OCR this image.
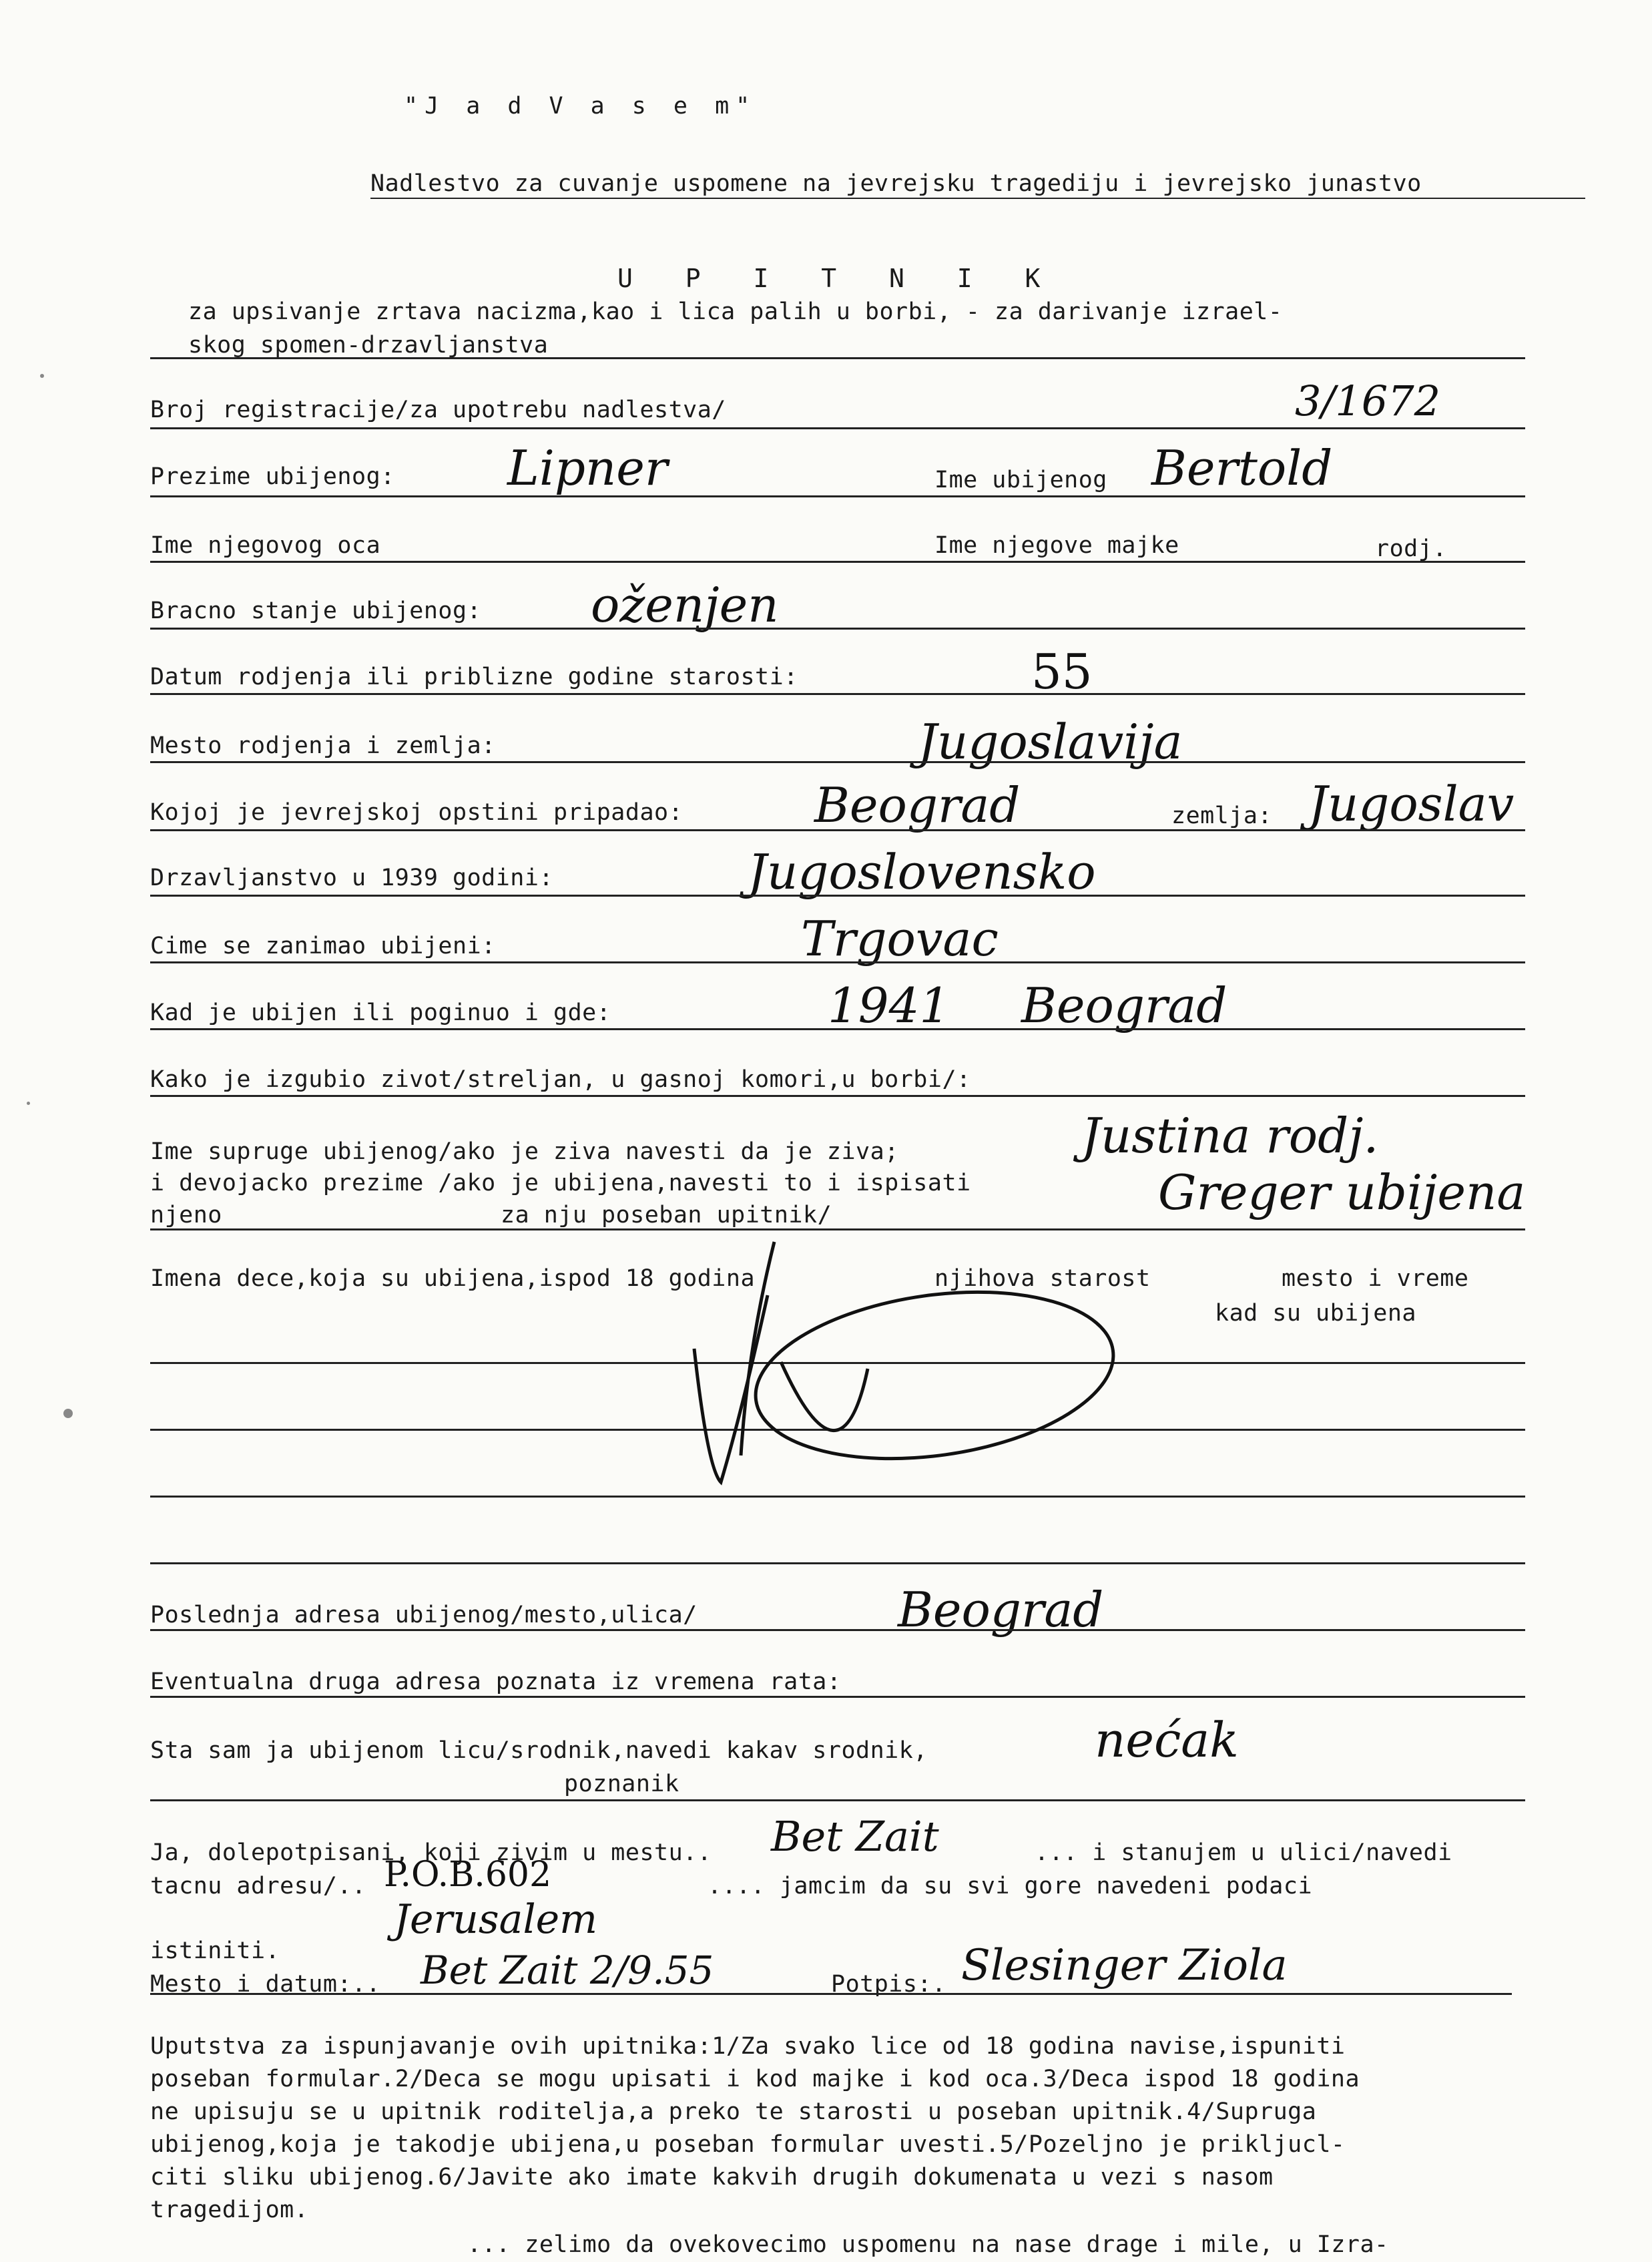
"J a d V a s e m"
Nadlestvo za cuvanje uspomene na jevrejsku tragediju i jevrejsko junastvo
U P I T N I K
za upsivanje zrtava nacizma,kao i lica palih u borbi, - za darivanje izrael-
skog spomen-drzavljanstva
Broj registracije/za upotrebu nadlestva/	3/1672
Prezime ubijenog: Lipner	Ime ubijenog Bertold
Ime njegovog oca	Ime njegove majke	rodj.
Bracno stanje ubijenog: oženjen
Datum rodjenja ili priblizne godine starosti:	55
Mesto rodjenja i zemlja:	Jugoslavija
Kojoj je jevrejskoj opstini pripadao:	Beograd	zemlja: Jugoslav
Drzavljanstvo u 1939 godini:	Jugoslovensko
Cime se zanimao ubijeni:	Trgovac
Kad je ubijen ili poginuo i gde:	1941 Beograd
Kako je izgubio zivot/streljan, u gasnoj komori,u borbi/:
Ime supruge ubijenog/ako je ziva navesti da je ziva;
i devojacko prezime /ako je ubijena,navesti to i ispisati
njeno	za nju poseban upitnik/
Justina rodj.
Greger ubijena
Imena dece,koja su ubijena,ispod 18 godina	njihova starost	mesto i vreme
kad su ubijena
Poslednja adresa ubijenog/mesto,ulica/	Beograd
Eventualna druga adresa poznata iz vremena rata:
Sta sam ja ubijenom licu/srodnik,navedi kakav srodnik,
poznanik
nećak
Ja, dolepotpisani, koji zivim u mestu.. Bet Zait	... i stanujem u ulici/navedi
tacnu adresu/.. P.O.B.602	.... jamcim da su svi gore navedeni podaci
Jerusalem
istiniti.
Mesto i datum:.. Bet Zait 2/9.55	Potpis:. Slesinger Ziola
Uputstva za ispunjavanje ovih upitnika:1/Za svako lice od 18 godina navise,ispuniti
poseban formular.2/Deca se mogu upisati i kod majke i kod oca.3/Deca ispod 18 godina
ne upisuju se u upitnik roditelja,a preko te starosti u poseban upitnik.4/Supruga
ubijenog,koja je takodje ubijena,u poseban formular uvesti.5/Pozeljno je prikljucl-
citi sliku ubijenog.6/Javite ako imate kakvih drugih dokumenata u vezi s nasom
tragedijom.
... zelimo da ovekovecimo uspomenu na nase drage i mile, u Izra-
